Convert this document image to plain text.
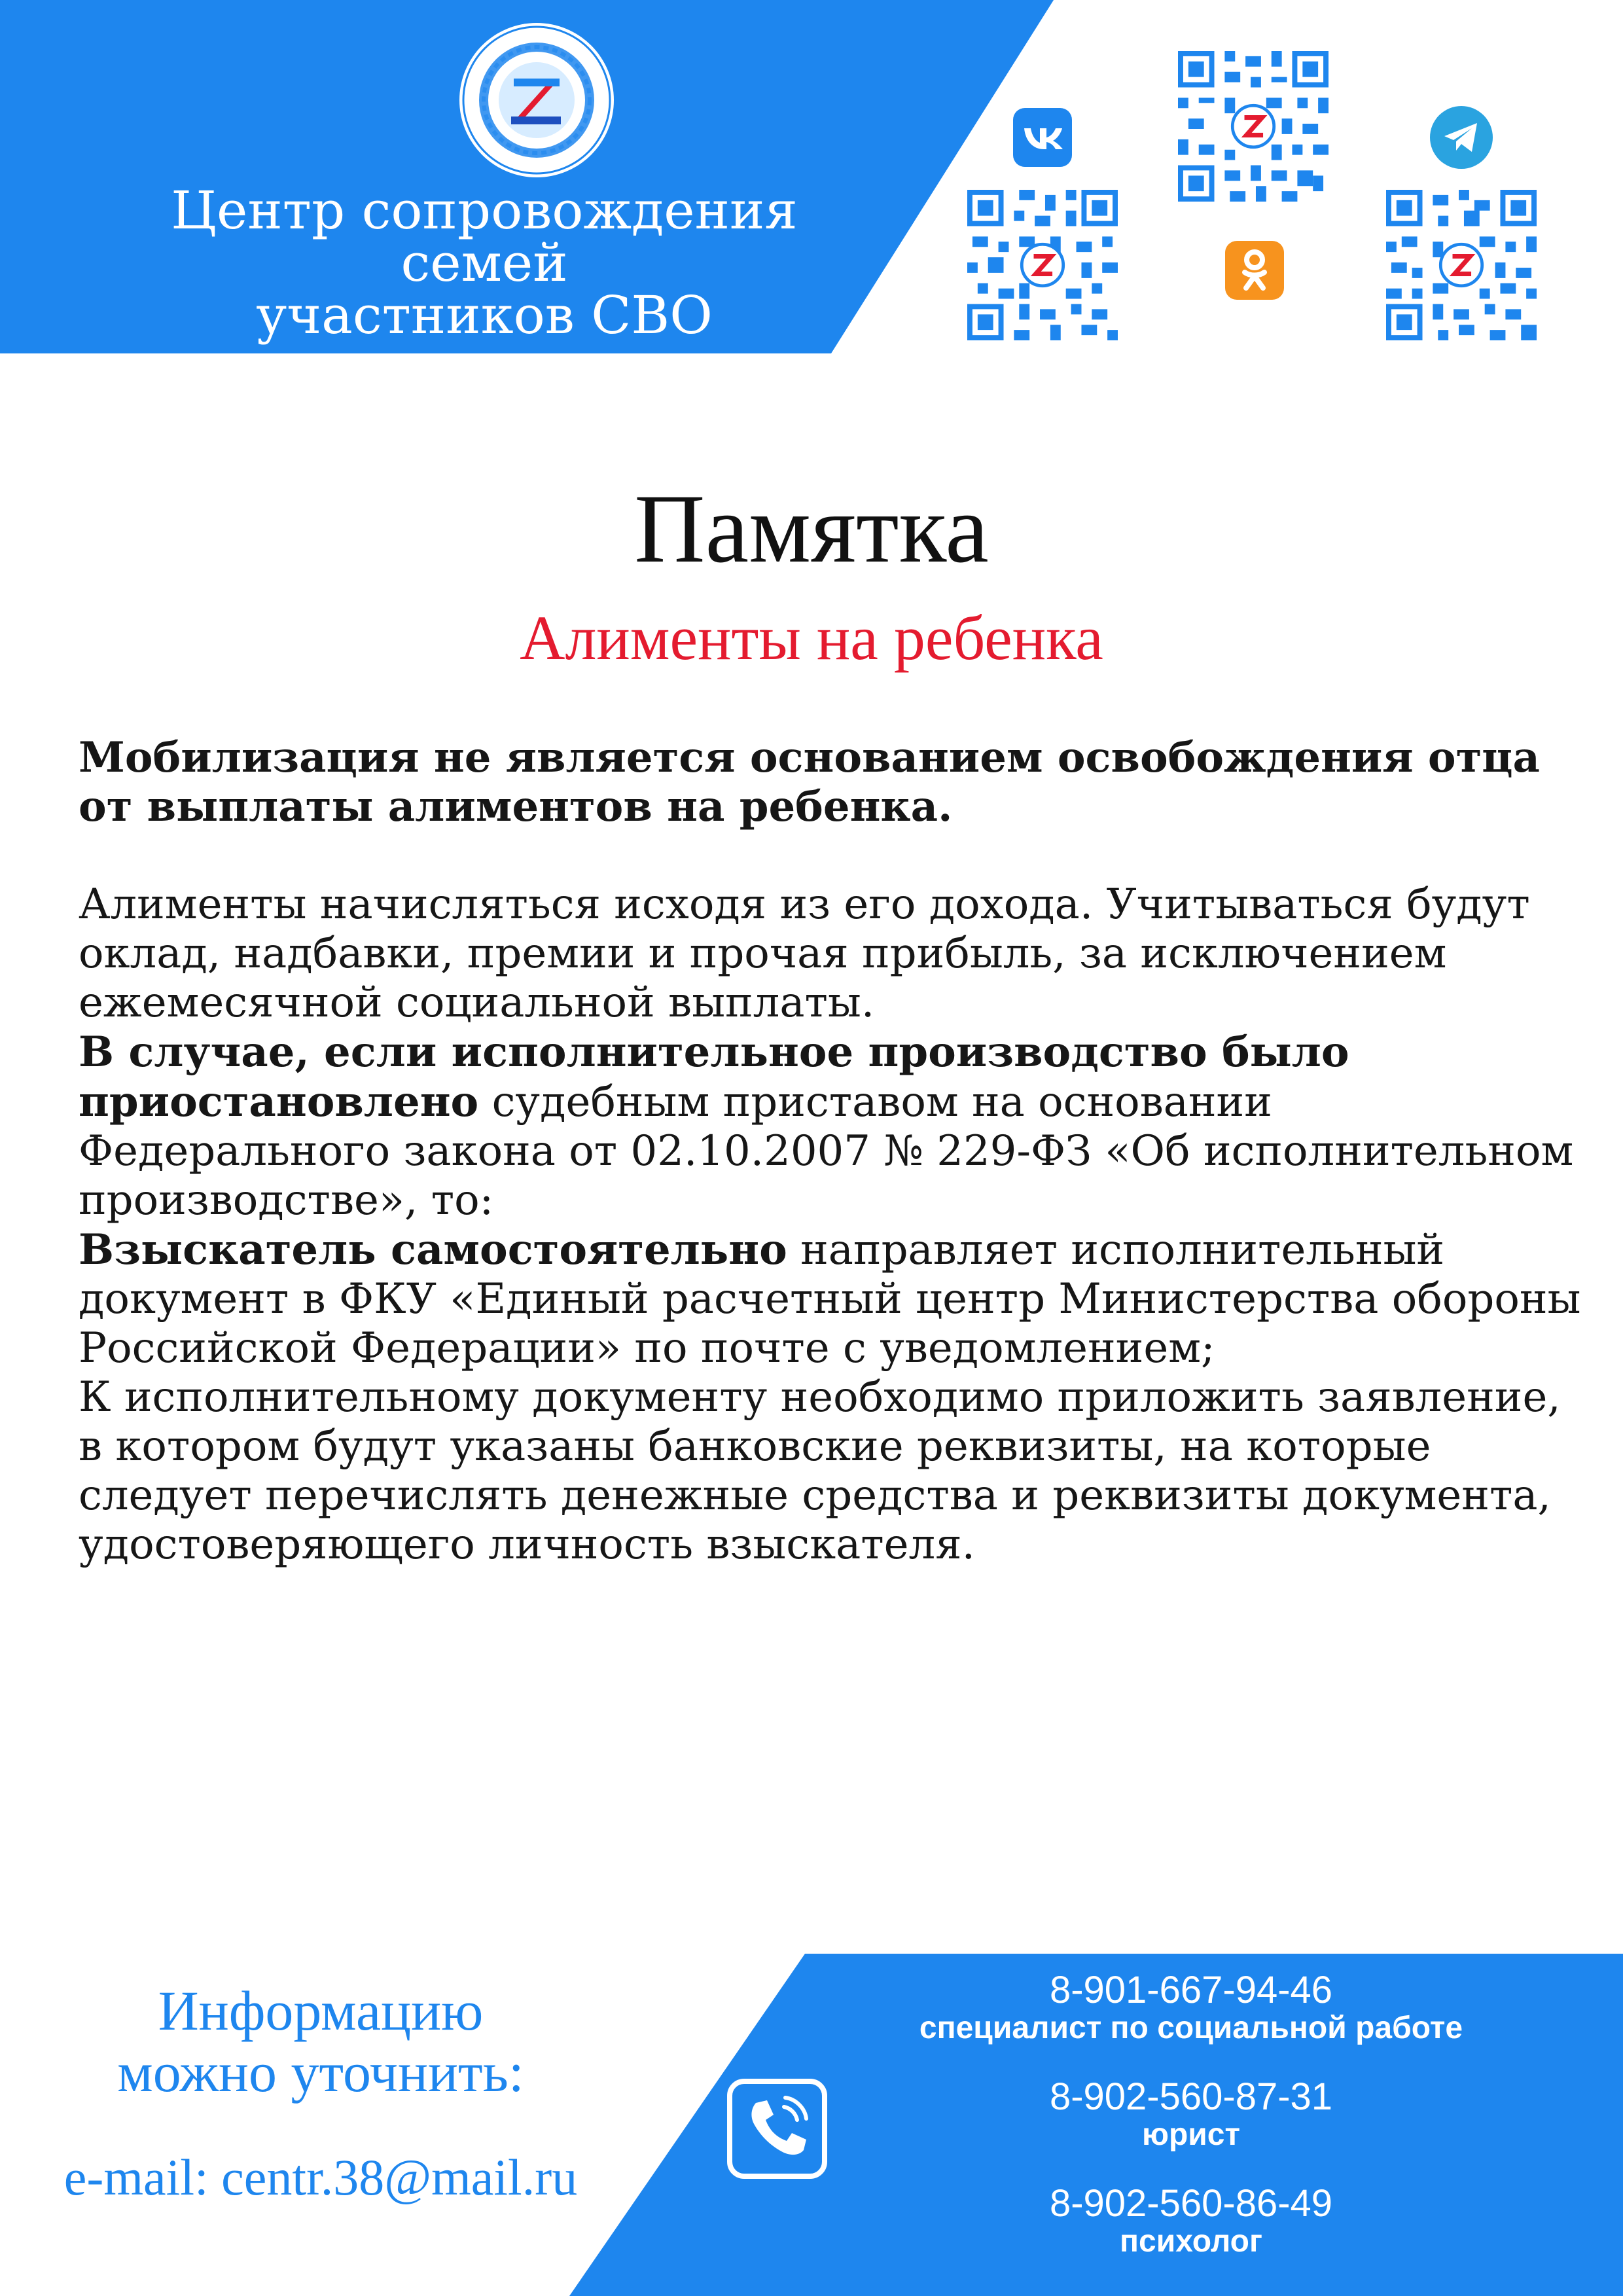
Центр сопровождения
семей
участников СВО
Памятка
Алименты на ребенка

Мобилизация не является основанием освобождения отца от выплаты алиментов на ребенка.

Алименты начисляться исходя из его дохода. Учитываться будут оклад, надбавки, премии и прочая прибыль, за исключением ежемесячной социальной выплаты.

В случае, если исполнительное производство было приостановлено судебным приставом на основании Федерального закона от 02.10.2007 № 229-ФЗ «Об исполнительном производстве», то:

Взыскатель самостоятельно направляет исполнительный документ в ФКУ «Единый расчетный центр Министерства обороны Российской Федерации» по почте с уведомлением;

К исполнительному документу необходимо приложить заявление, в котором будут указаны банковские реквизиты, на которые следует перечислять денежные средства и реквизиты документа, удостоверяющего личность взыскателя.

Информацию
можно уточнить:
e-mail: centr.38@mail.ru
8-901-667-94-46
специалист по социальной работе
8-902-560-87-31
юрист
8-902-560-86-49
психолог
